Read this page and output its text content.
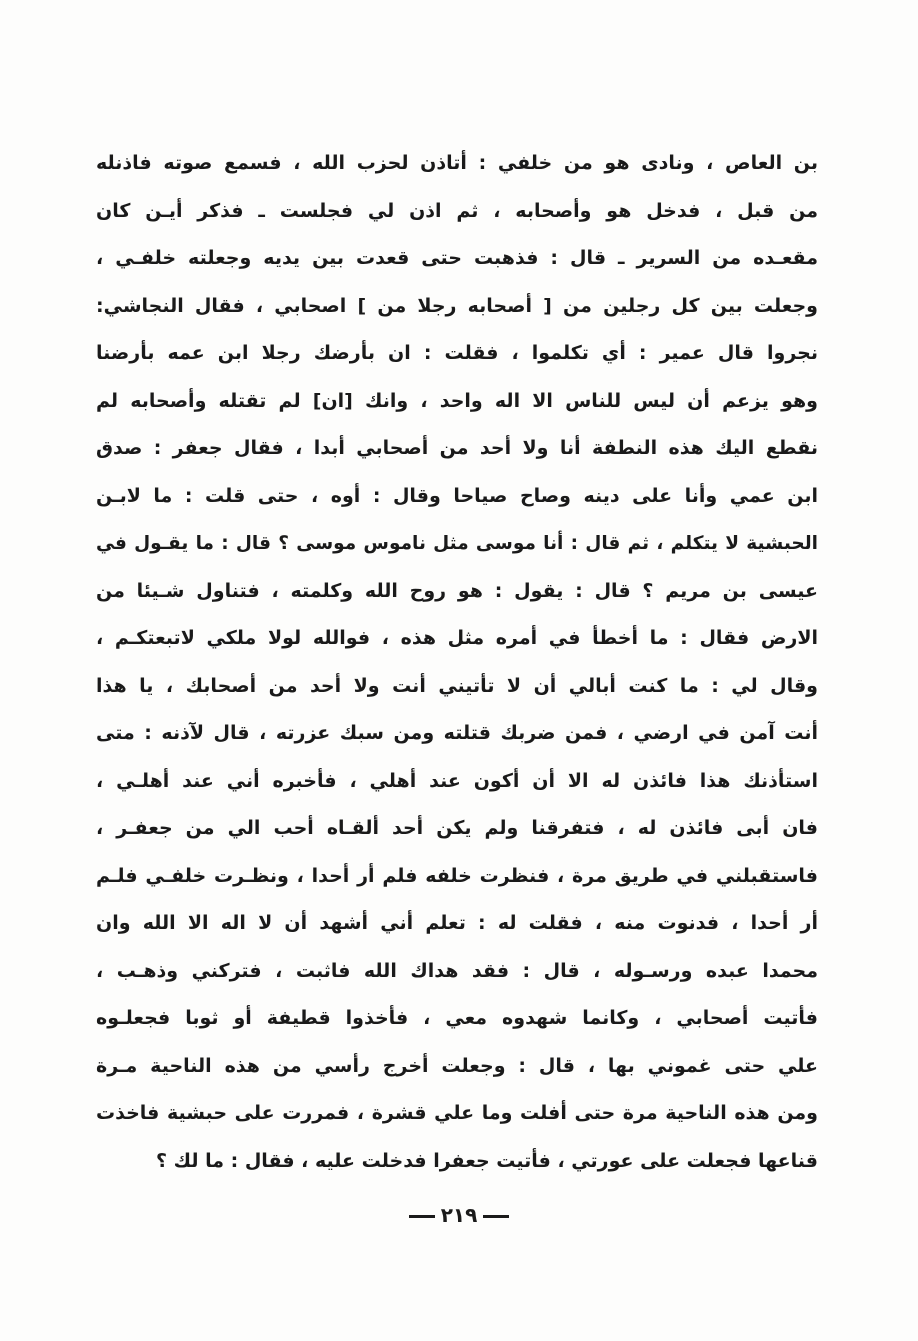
بن العاص ، ونادى هو من خلفي : أتاذن لحزب الله ، فسمع صوته فاذنله
من قبل ، فدخل هو وأصحابه ، ثم اذن لي فجلست ـ فذكر أيـن كان
مقعـده من السرير ـ قال : فذهبت حتى قعدت بين يديه وجعلته خلفـي ،
وجعلت بين كل رجلين من [ أصحابه رجلا من ] اصحابي ، فقال النجاشي:
نجروا قال عمير : أي تكلموا ، فقلت : ان بأرضك رجلا ابن عمه بأرضنا
وهو يزعم أن ليس للناس الا اله واحد ، وانك [ان] لم تقتله وأصحابه لم
نقطع اليك هذه النطفة أنا ولا أحد من أصحابي أبدا ، فقال جعفر : صدق
ابن عمي وأنا على دينه وصاح صياحا وقال : أوه ، حتى قلت : ما لابـن
الحبشية لا يتكلم ، ثم قال : أنا موسى مثل ناموس موسى ؟ قال : ما يقـول في
عيسى بن مريم ؟ قال : يقول : هو روح الله وكلمته ، فتناول شـيئا من
الارض فقال : ما أخطأ في أمره مثل هذه ، فوالله لولا ملكي لاتبعتكـم ،
وقال لي : ما كنت أبالي أن لا تأتيني أنت ولا أحد من أصحابك ، يا هذا
أنت آمن في ارضي ، فمن ضربك قتلته ومن سبك عزرته ، قال لآذنه : متى
استأذنك هذا فائذن له الا أن أكون عند أهلي ، فأخبره أني عند أهلـي ،
فان أبى فائذن له ، فتفرقنا ولم يكن أحد ألقـاه أحب الي من جعفـر ،
فاستقبلني في طريق مرة ، فنظرت خلفه فلم أر أحدا ، ونظـرت خلفـي فلـم
أر أحدا ، فدنوت منه ، فقلت له : تعلم أني أشهد أن لا اله الا الله وان
محمدا عبده ورسـوله ، قال : فقد هداك الله فاثبت ، فتركني وذهـب ،
فأتيت أصحابي ، وكانما شهدوه معي ، فأخذوا قطيفة أو ثوبا فجعلـوه
علي حتى غموني بها ، قال : وجعلت أخرج رأسي من هذه الناحية مـرة
ومن هذه الناحية مرة حتى أفلت وما علي قشرة ، فمررت على حبشية فاخذت
قناعها فجعلت على عورتي ، فأتيت جعفرا فدخلت عليه ، فقال : ما لك ؟
٢١٩
